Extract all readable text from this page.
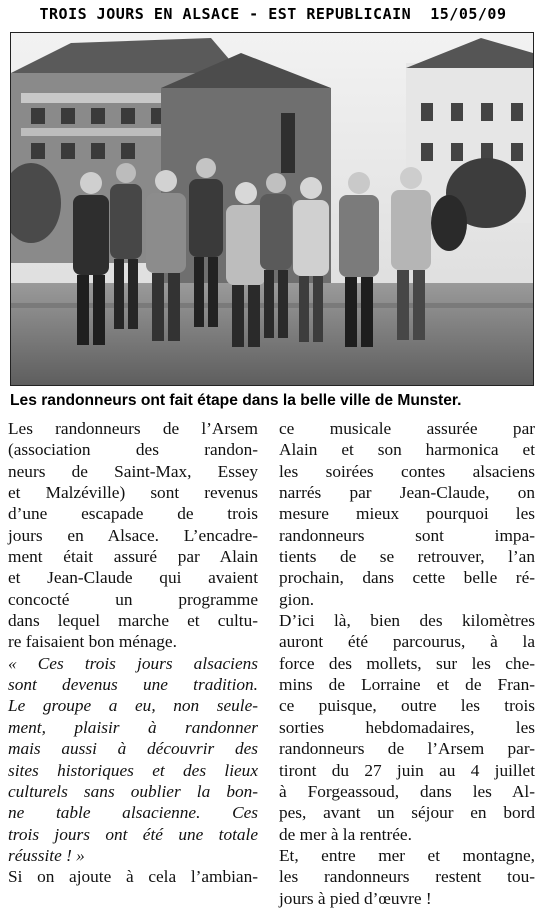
TROIS JOURS EN ALSACE - EST REPUBLICAIN  15/05/09
Les randonneurs ont fait étape dans la belle ville de Munster.
Les randonneurs de l’Arsem
(association des randon-
neurs de Saint-Max, Essey
et Malzéville) sont revenus
d’une escapade de trois
jours en Alsace. L’encadre-
ment était assuré par Alain
et Jean-Claude qui avaient
concocté un programme
dans lequel marche et cultu-
re faisaient bon ménage.
« Ces trois jours alsaciens
sont devenus une tradition.
Le groupe a eu, non seule-
ment, plaisir à randonner
mais aussi à découvrir des
sites historiques et des lieux
culturels sans oublier la bon-
ne table alsacienne. Ces
trois jours ont été une totale
réussite ! »
Si on ajoute à cela l’ambian-
ce musicale assurée par
Alain et son harmonica et
les soirées contes alsaciens
narrés par Jean-Claude, on
mesure mieux pourquoi les
randonneurs sont impa-
tients de se retrouver, l’an
prochain, dans cette belle ré-
gion.
D’ici là, bien des kilomètres
auront été parcourus, à la
force des mollets, sur les che-
mins de Lorraine et de Fran-
ce puisque, outre les trois
sorties hebdomadaires, les
randonneurs de l’Arsem par-
tiront du 27 juin au 4 juillet
à Forgeassoud, dans les Al-
pes, avant un séjour en bord
de mer à la rentrée.
Et, entre mer et montagne,
les randonneurs restent tou-
jours à pied d’œuvre !
